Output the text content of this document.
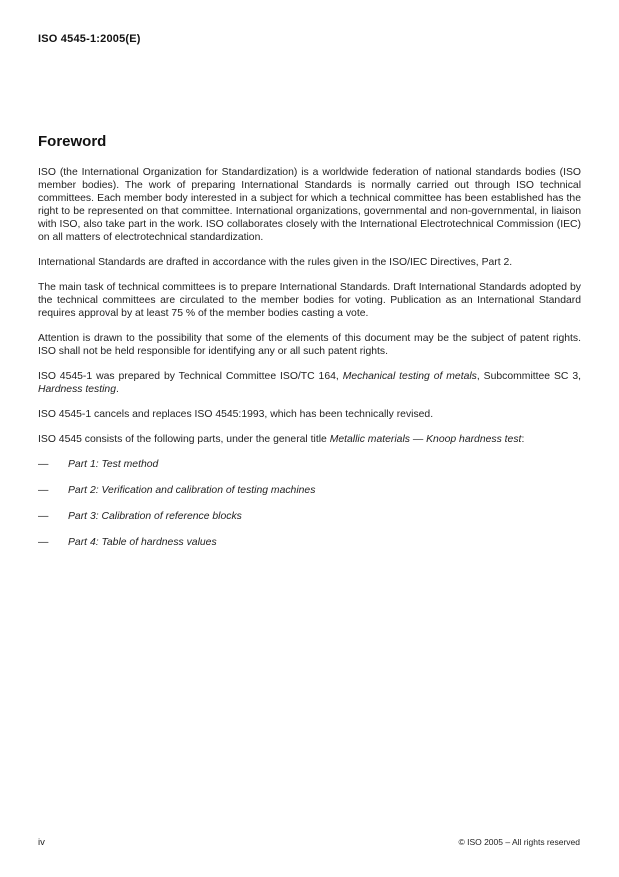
ISO 4545-1:2005(E)
Foreword

ISO (the International Organization for Standardization) is a worldwide federation of national standards bodies (ISO member bodies). The work of preparing International Standards is normally carried out through ISO technical committees. Each member body interested in a subject for which a technical committee has been established has the right to be represented on that committee. International organizations, governmental and non-governmental, in liaison with ISO, also take part in the work. ISO collaborates closely with the International Electrotechnical Commission (IEC) on all matters of electrotechnical standardization.

International Standards are drafted in accordance with the rules given in the ISO/IEC Directives, Part 2.

The main task of technical committees is to prepare International Standards. Draft International Standards adopted by the technical committees are circulated to the member bodies for voting. Publication as an International Standard requires approval by at least 75 % of the member bodies casting a vote.

Attention is drawn to the possibility that some of the elements of this document may be the subject of patent rights. ISO shall not be held responsible for identifying any or all such patent rights.

ISO 4545-1 was prepared by Technical Committee ISO/TC 164, Mechanical testing of metals, Subcommittee SC 3, Hardness testing.

ISO 4545-1 cancels and replaces ISO 4545:1993, which has been technically revised.

ISO 4545 consists of the following parts, under the general title Metallic materials — Knoop hardness test:

—	Part 1: Test method
—	Part 2: Verification and calibration of testing machines
—	Part 3: Calibration of reference blocks
—	Part 4: Table of hardness values
iv	© ISO 2005 – All rights reserved
